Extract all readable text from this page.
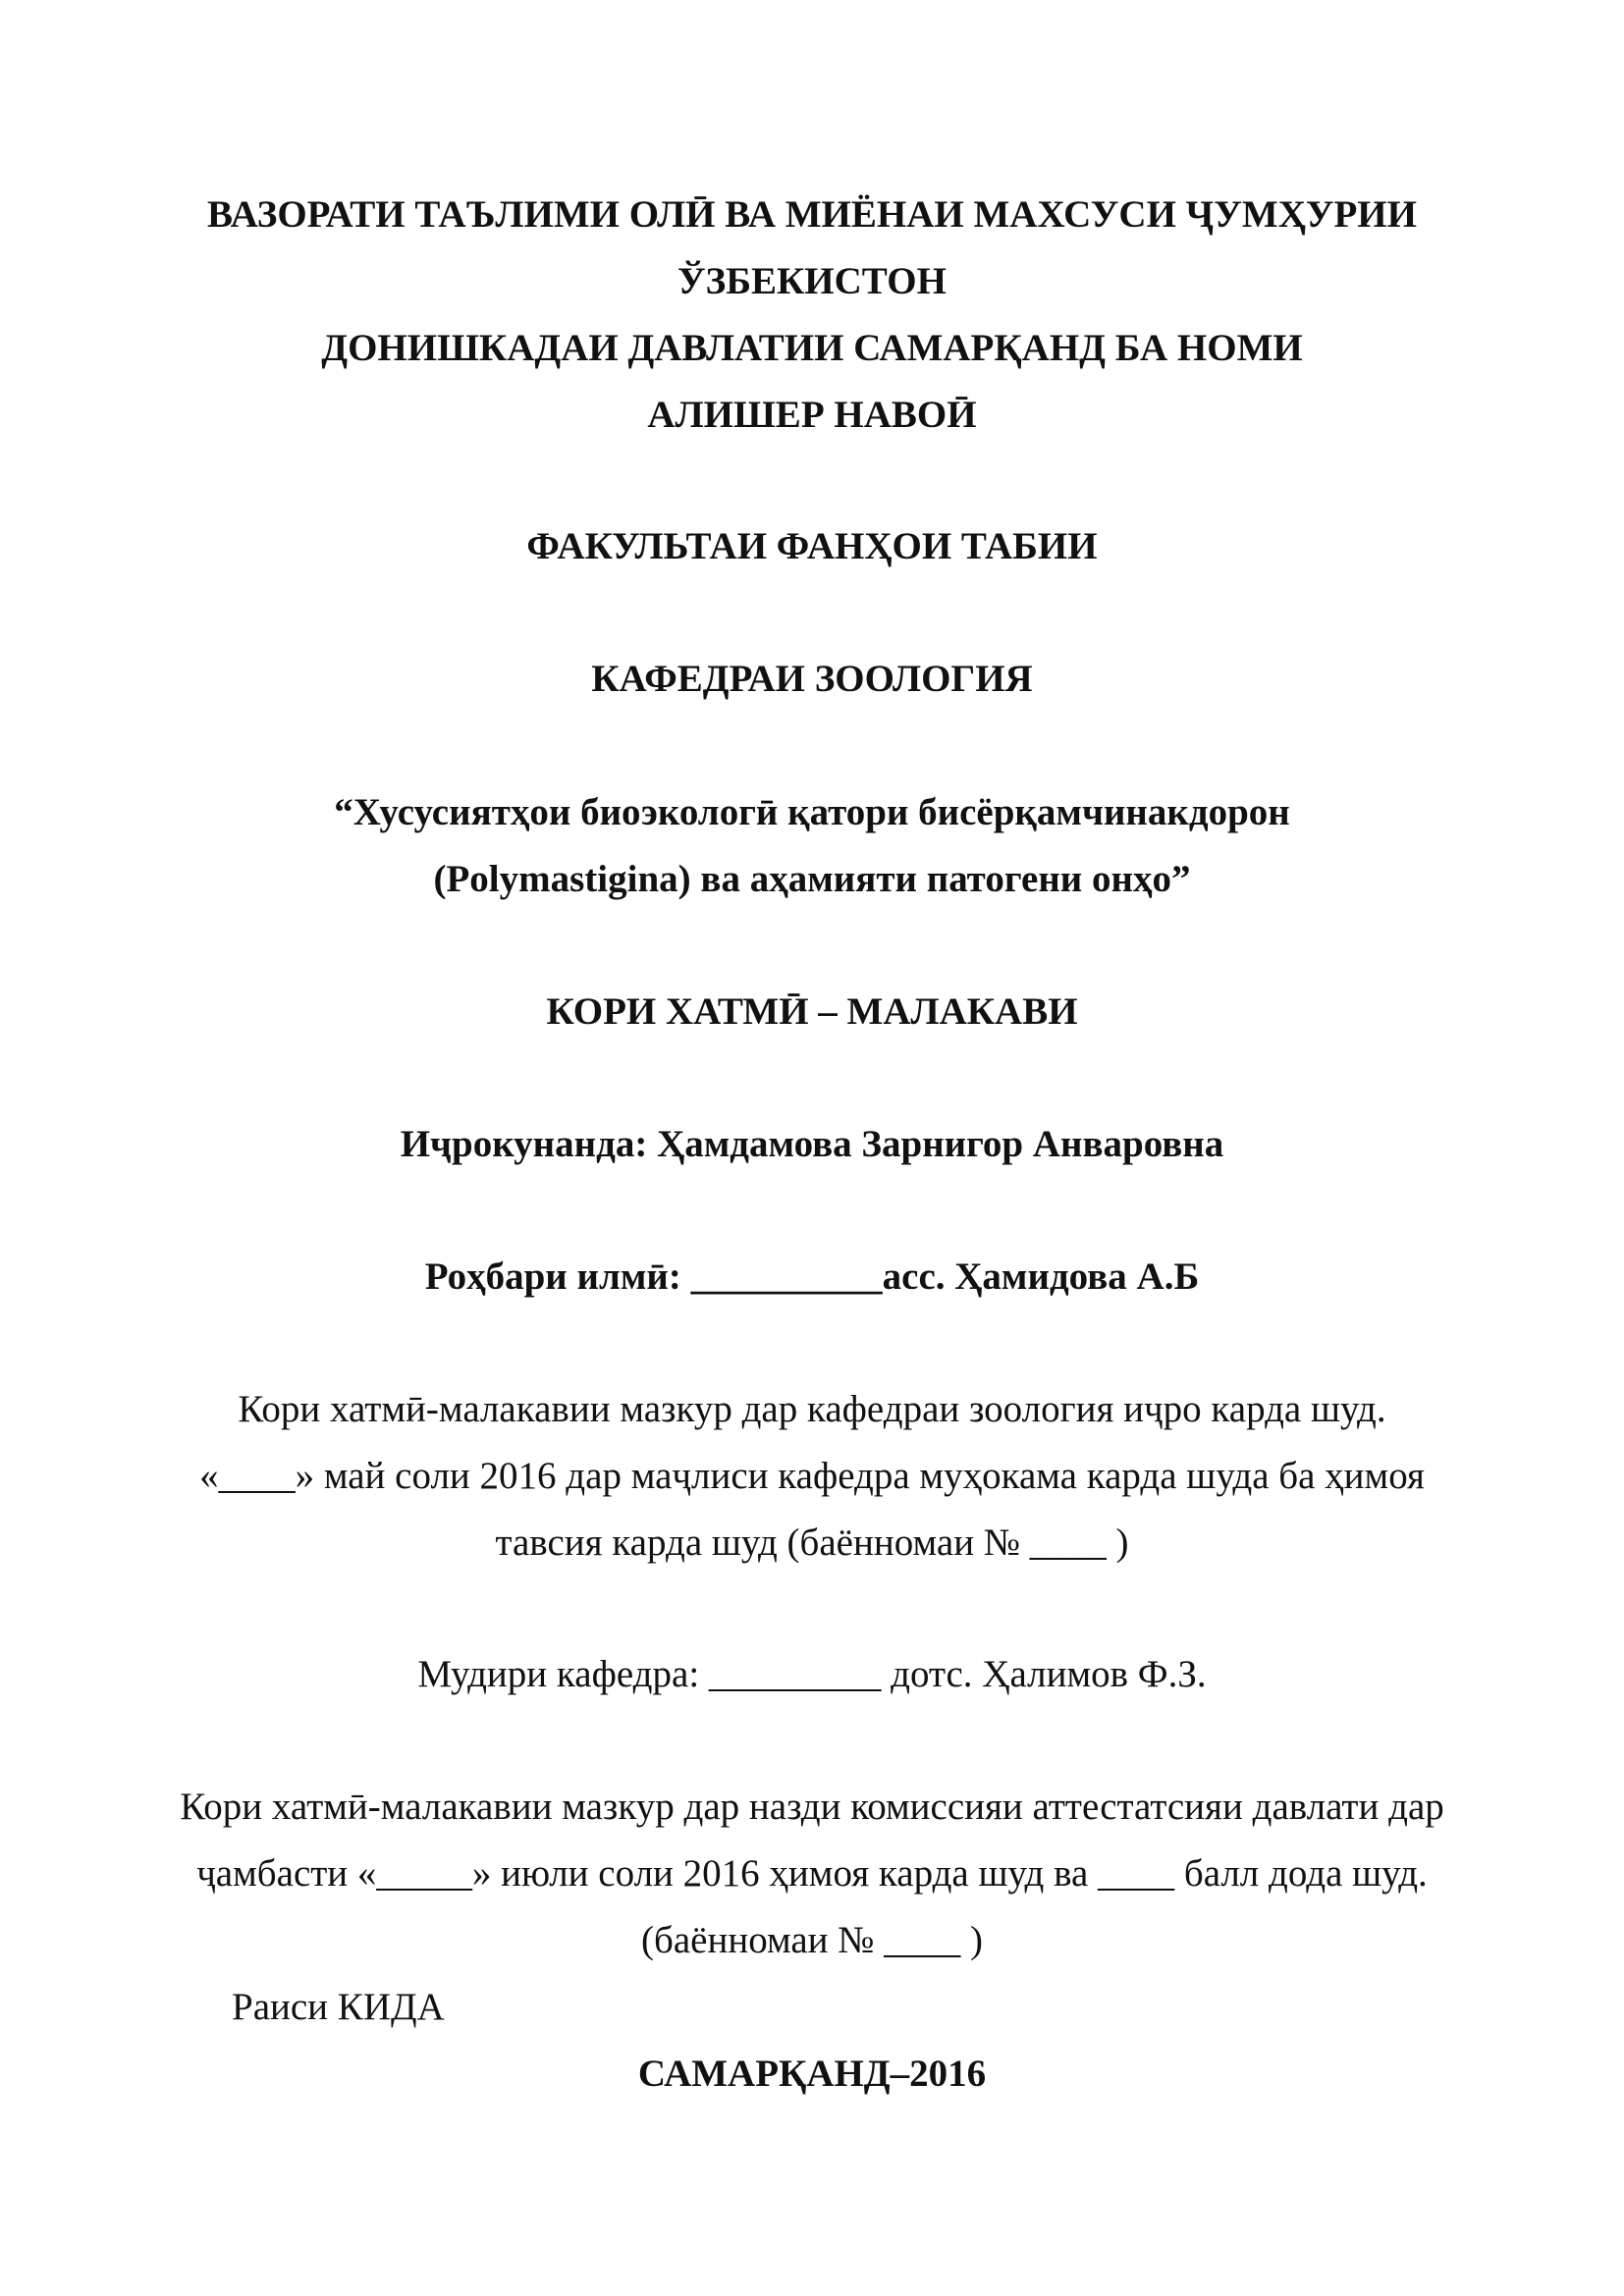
ВАЗОРАТИ ТАЪЛИМИ ОЛӢ ВА МИЁНАИ МАХСУСИ ҶУМҲУРИИ
ЎЗБЕКИСТОН
ДОНИШКАДАИ ДАВЛАТИИ САМАРҚАНД БА НОМИ
АЛИШЕР НАВОӢ
ФАКУЛЬТАИ ФАНҲОИ ТАБИИ
КАФЕДРАИ ЗООЛОГИЯ
“Хусусиятҳои биоэкологӣ қатори бисёрқамчинакдорон
(Polymastigina) ва аҳамияти патогени онҳо”
КОРИ ХАТМӢ – МАЛАКАВИ
Иҷрокунанда: Ҳамдамова Зарнигор Анваровна
Роҳбари илмӣ: __________асс. Ҳамидова А.Б
Кори хатмӣ-малакавии мазкур дар кафедраи зоология иҷро карда шуд.
«____» май соли 2016 дар маҷлиси кафедра муҳокама карда шуда ба ҳимоя
тавсия карда шуд (баённомаи № ____ )
Мудири кафедра: _________ дотс. Ҳалимов Ф.З.
Кори хатмӣ-малакавии мазкур дар назди комиссияи аттестатсияи давлати дар
ҷамбасти «_____» июли соли 2016 ҳимоя карда шуд ва ____ балл дода шуд.
(баённомаи № ____ )
Раиси КИДА
САМАРҚАНД–2016
